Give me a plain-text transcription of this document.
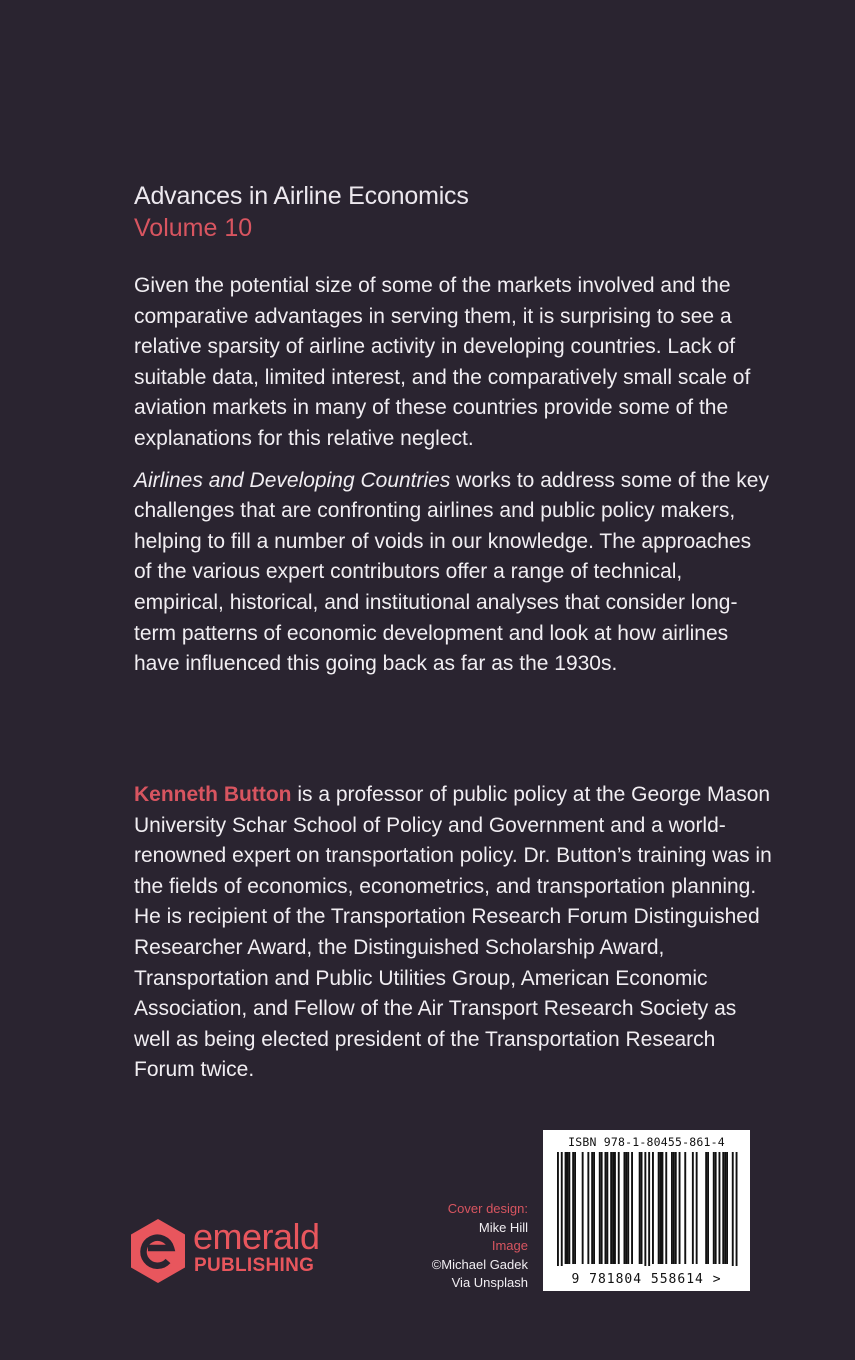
Advances in Airline Economics
Volume 10

Given the potential size of some of the markets involved and the comparative advantages in serving them, it is surprising to see a relative sparsity of airline activity in developing countries. Lack of suitable data, limited interest, and the comparatively small scale of aviation markets in many of these countries provide some of the explanations for this relative neglect.

Airlines and Developing Countries works to address some of the key challenges that are confronting airlines and public policy makers, helping to fill a number of voids in our knowledge. The approaches of the various expert contributors offer a range of technical, empirical, historical, and institutional analyses that consider long-term patterns of economic development and look at how airlines have influenced this going back as far as the 1930s.

Kenneth Button is a professor of public policy at the George Mason University Schar School of Policy and Government and a world-renowned expert on transportation policy. Dr. Button’s training was in the fields of economics, econometrics, and transportation planning. He is recipient of the Transportation Research Forum Distinguished Researcher Award, the Distinguished Scholarship Award, Transportation and Public Utilities Group, American Economic Association, and Fellow of the Air Transport Research Society as well as being elected president of the Transportation Research Forum twice.
emerald
PUBLISHING
Cover design:
Mike Hill
Image
©Michael Gadek
Via Unsplash
ISBN 978-1-80455-861-4
9 781804 558614 >
